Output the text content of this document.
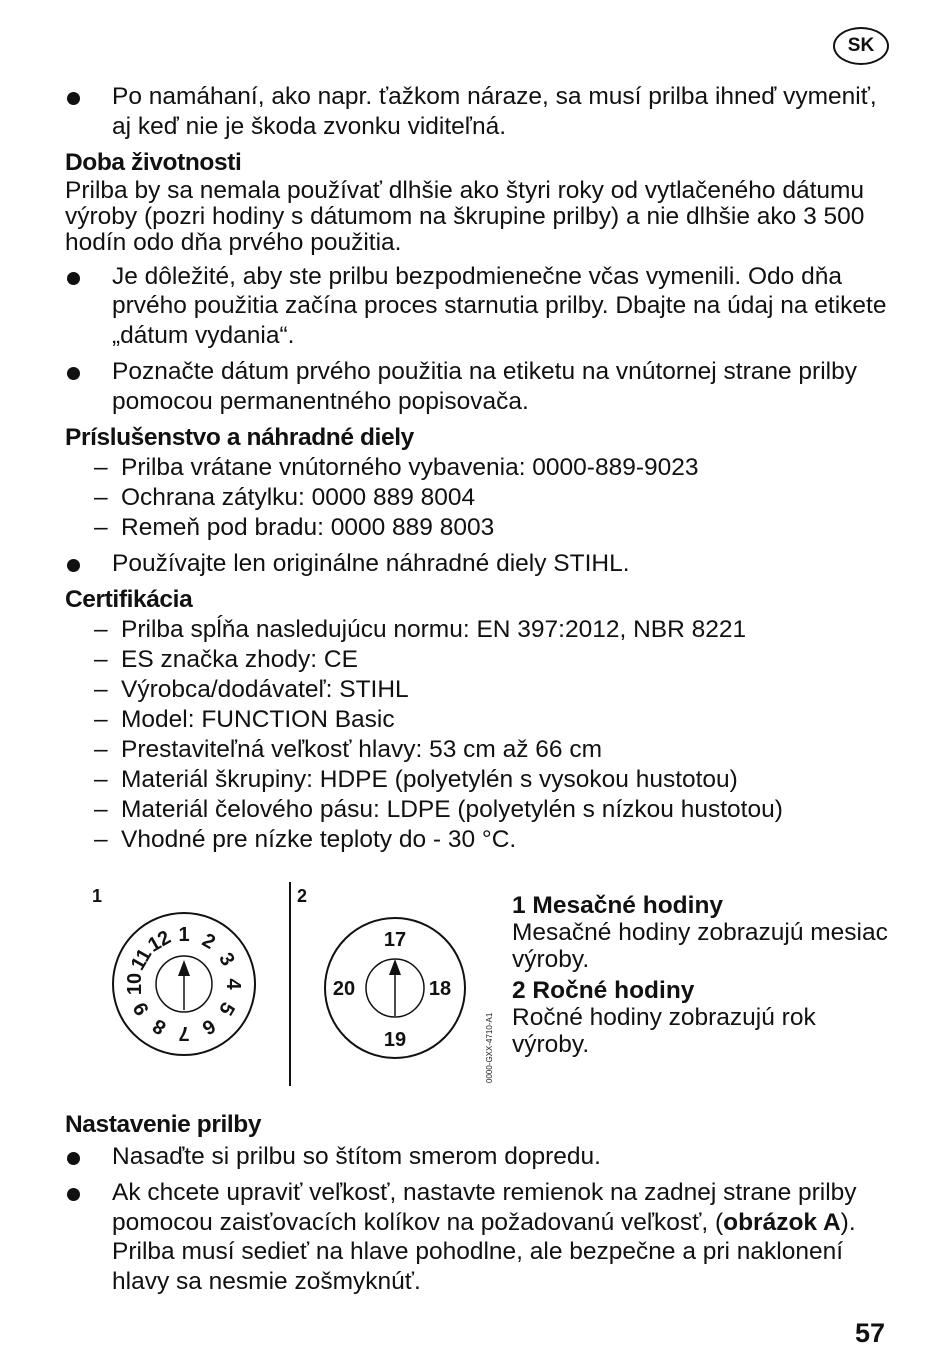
SK
Po namáhaní, ako napr. ťažkom náraze, sa musí prilba ihneď vymeniť, aj keď nie je škoda zvonku viditeľná.
Doba životnosti
Prilba by sa nemala používať dlhšie ako štyri roky od vytlačeného dátumu výroby (pozri hodiny s dátumom na škrupine prilby) a nie dlhšie ako 3 500 hodín odo dňa prvého použitia.
Je dôležité, aby ste prilbu bezpodmienečne včas vymenili. Odo dňa prvého použitia začína proces starnutia prilby. Dbajte na údaj na etikete „dátum vydania“.
Poznačte dátum prvého použitia na etiketu na vnútornej strane prilby pomocou permanentného popisovača.
Príslušenstvo a náhradné diely
– Prilba vrátane vnútorného vybavenia: 0000-889-9023
– Ochrana zátylku: 0000 889 8004
– Remeň pod bradu: 0000 889 8003
Používajte len originálne náhradné diely STIHL.
Certifikácia
– Prilba spĺňa nasledujúcu normu: EN 397:2012, NBR 8221
– ES značka zhody: CE
– Výrobca/dodávateľ: STIHL
– Model: FUNCTION Basic
– Prestaviteľná veľkosť hlavy: 53 cm až 66 cm
– Materiál škrupiny: HDPE (polyetylén s vysokou hustotou)
– Materiál čelového pásu: LDPE (polyetylén s nízkou hustotou)
– Vhodné pre nízke teploty do - 30 °C.
1	2
1 2
3
4
5
6
7
8
9
10
11
12	17
18
19
20
1 Mesačné hodiny
Mesačné hodiny zobrazujú mesiac výroby.
2 Ročné hodiny
Ročné hodiny zobrazujú rok výroby.
0000-GXX-4710-A1
Nastavenie prilby
Nasaďte si prilbu so štítom smerom dopredu.
Ak chcete upraviť veľkosť, nastavte remienok na zadnej strane prilby pomocou zaisťovacích kolíkov na požadovanú veľkosť, (obrázok A). Prilba musí sedieť na hlave pohodlne, ale bezpečne a pri naklonení hlavy sa nesmie zošmyknúť.
57
